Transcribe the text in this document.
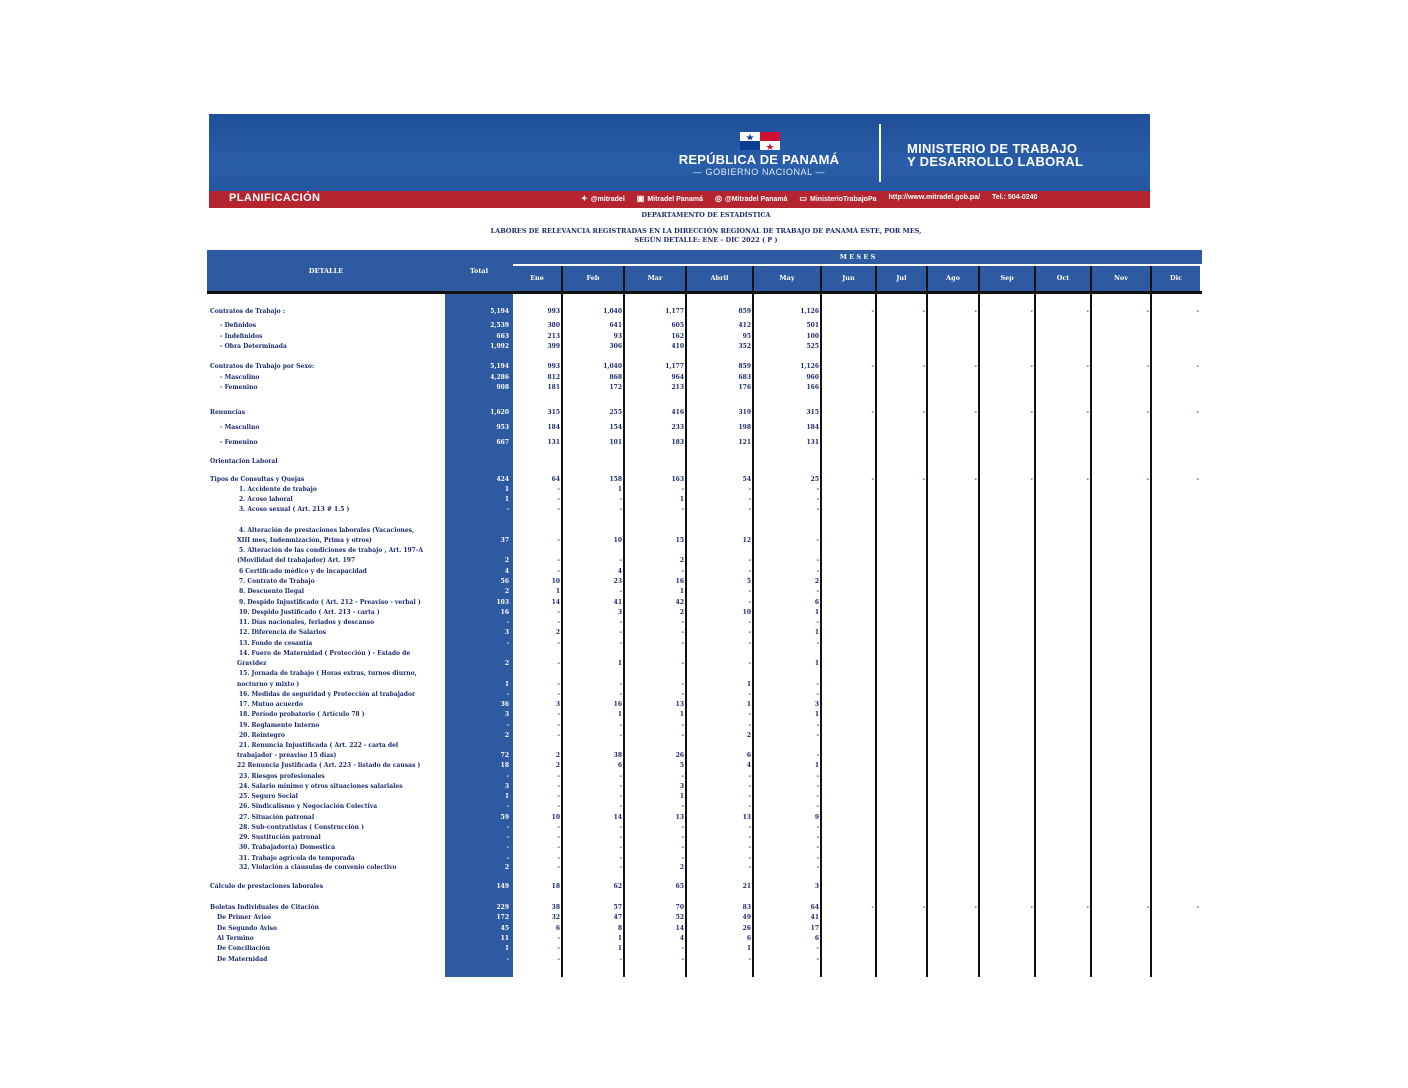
REPÚBLICA DE PANAMÁ
— GOBIERNO NACIONAL —
MINISTERIO DE TRABAJO
Y DESARROLLO LABORAL
PLANIFICACIÓN	✦ @mitradel ▣ Mitradel Panamá ◎ @Mitradel Panamá ▭ MinisterioTrabajoPa http://www.mitradel.gob.pa/ Tel.: 504-0240
DEPARTAMENTO DE ESTADÍSTICA
LABORES DE RELEVANCIA REGISTRADAS EN LA DIRECCIÓN REGIONAL DE TRABAJO DE PANAMÁ ESTE, POR MES,
SEGÚN DETALLE: ENE - DIC 2022 ( P )
DETALLE	Total
M E S E S
Ene	Feb	Mar	Abril	May	Jun	Jul	Ago	Sep	Oct	Nov	Dic
Contratos de Trabajo :	5,194	993	1,040	1,177	859	1,126	-	-	-	-	-	-	-
- Definidos	2,539	380	641	605	412	501
- Indefinidos	663	213	93	162	95	100
- Obra Determinada	1,992	399	306	410	352	525
Contratos de Trabajo por Sexo:	5,194	993	1,040	1,177	859	1,126	-	-	-	-	-	-	-
- Masculino	4,286	812	868	964	683	960
- Femenino	908	181	172	213	176	166
Renuncias	1,620	315	255	416	319	315	-	-	-	-	-	-	-
- Masculino	953	184	154	233	198	184
- Femenino	667	131	101	183	121	131
Orientación Laboral
Tipos de Consultas y Quejas	424	64	158	163	54	25	-	-	-	-	-	-	-
1. Accidente de trabajo	1	-	1	-	-	-
2. Acoso laboral	1	-	-	1	-	-
3. Acoso sexual ( Art. 213 # 1.5 )	-	-	-	-	-	-
4. Alteración de prestaciones laborales (Vacaciones,
XIII mes, Indemnización, Prima y otros)	37	-	10	15	12	-
5. Alteración de las condiciones de trabajo , Art. 197-A
(Movilidad del trabajador) Art. 197	2	-	-	2	-	-
6 Certificado médico y de incapacidad	4	-	4	-	-	-
7. Contrato de Trabajo	56	10	23	16	5	2
8. Descuento Ilegal	2	1	-	1	-	-
9. Despido Injustificado ( Art. 212 - Preaviso - verbal )	103	14	41	42	-	6
10. Despido Justificado ( Art. 213 - carta )	16	-	3	2	10	1
11. Días nacionales, feriados y descanso	-	-	-	-	-	-
12. Diferencia de Salarios	3	2	-	-	-	1
13. Fondo de cesantía	-	-	-	-	-	-
14. Fuero de Maternidad ( Protección ) - Estado de
Gravidez	2	-	1	-	-	1
15. Jornada de trabajo ( Horas extras, turnos diurno,
nocturno y mixto )	1	-	-	-	1	-
16. Medidas de seguridad y Protección al trabajador	-	-	-	-	-	-
17. Mutuo acuerdo	36	3	16	13	1	3
18. Período probatorio ( Artículo 78 )	3	-	1	1	-	1
19. Reglamento Interno	-	-	-	-	-	-
20. Reintegro	2	-	-	-	2	-
21. Renuncia Injustificada ( Art. 222 - carta del
trabajador - preaviso 15 días)	72	2	38	26	6	-
22 Renuncia Justificada ( Art. 223 - listado de causas )	18	2	6	5	4	1
23. Riesgos profesionales	-	-	-	-	-	-
24. Salario mínimo y otros situaciones salariales	3	-	-	3	-	-
25. Seguro Social	1	-	-	1	-	-
26. Sindicalismo y Negociación Colectiva	-	-	-	-	-	-
27. Situación patronal	59	10	14	13	13	9
28. Sub-contratistas ( Construcción )	-	-	-	-	-	-
29. Sustitución patronal	-	-	-	-	-	-
30. Trabajador(a) Domestica	-	-	-	-	-	-
31. Trabajo agrícola de temporada	-	-	-	-	-	-
32. Violación a cláusulas de convenio colectivo	2	-	-	2	-	-
Cálculo de prestaciones laborales	149	18	62	65	21	3
Boletas Individuales de Citación	229	38	57	70	83	64	-	-	-	-	-	-	-
De Primer Aviso	172	32	47	52	49	41
De Segundo Aviso	45	6	8	14	26	17
Al Termino	11	-	1	4	6	6
De Conciliación	1	-	1	-	1	-
De Maternidad	-	-	-	-	-	-
